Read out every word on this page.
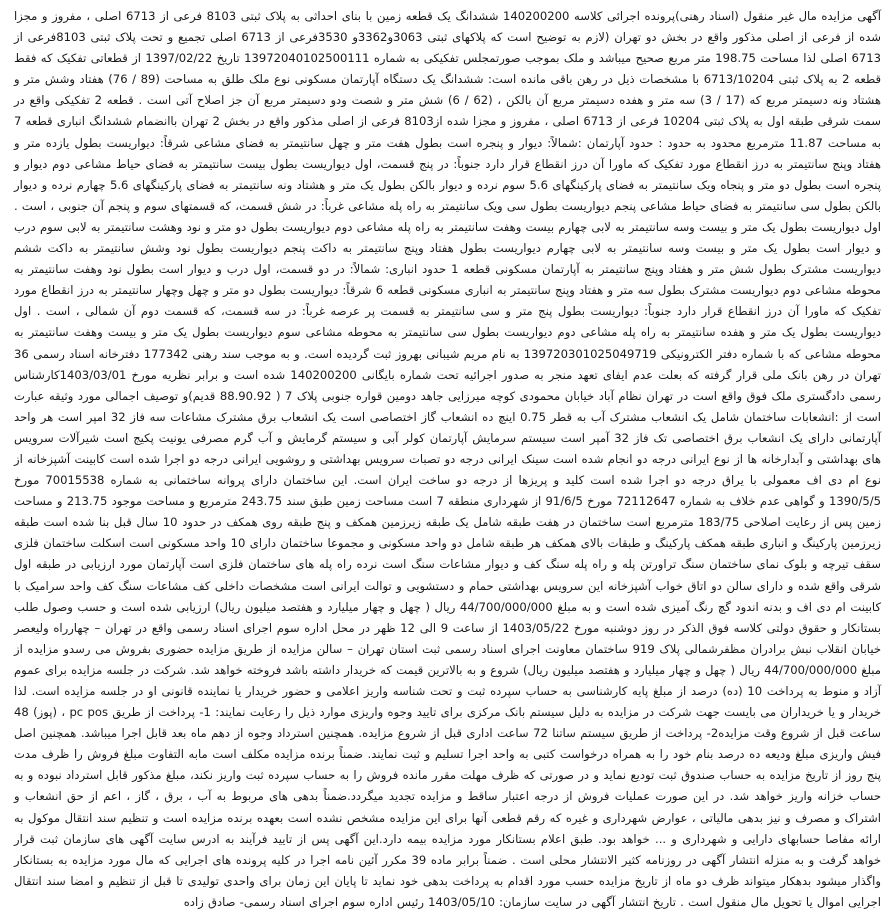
آگهی مزایده مال غیر منقول (اسناد رهنی)پرونده اجرائی کلاسه 140200200 ششدانگ یک قطعه زمین با بنای احداثی به پلاک ثبتی 8103 فرعی از 6713 اصلی ، مفروز و مجزا شده از فرعی از اصلی مذکور واقع در بخش دو تهران (لازم به توضیح است که پلاکهای ثبتی 3063و3362و 3530فرعی از 6713 اصلی تجمیع و تحت پلاک ثبتی 8103فرعی از 6713 اصلی لذا مساحت 198.75 متر مربع صحیح میباشد و ملک بموجب صورتمجلس تفکیکی به شماره 13972040102500111 تاریخ 1397/02/22 از قطعاتی تفکیک که فقط قطعه 2 به پلاک ثبتی 6713/10204 با مشخصات ذیل در رهن باقی مانده است: ششدانگ یک دستگاه آپارتمان مسکونی نوع ملک طلق به مساحت (89 / 76) هفتاد وشش متر و هشتاد ونه دسیمتر مربع که (17 / 3) سه متر و هفده دسیمتر مربع آن بالکن ، (62 / 6) شش متر و شصت ودو دسیمتر مربع آن جز اصلاح آتی است . قطعه 2 تفکیکی واقع در سمت شرقی طبقه اول به پلاک ثبتی 10204 فرعی از 6713 اصلی ، مفروز و مجزا شده از8103 فرعی از اصلی مذکور واقع در بخش 2 تهران باانضمام ششدانگ انباری قطعه 7 به مساحت 11.87 مترمربع محدود به حدود : حدود آپارتمان :شمالاً: دیوار و پنجره است بطول هفت متر و چهل سانتیمتر به فضای مشاعی شرقاً: دیواریست بطول یازده متر و هفتاد وپنج سانتیمتر به درز انقطاع مورد تفکیک که ماورا آن درز انقطاع قرار دارد جنوباً: در پنج قسمت، اول دیواریست بطول بیست سانتیمتر به فضای حیاط مشاعی دوم دیوار و پنجره است بطول دو متر و پنجاه ویک سانتیمتر به فضای پارکینگهای 5.6 سوم نرده و دیوار بالکن بطول یک متر و هشتاد ونه سانتیمتر به فضای پارکینگهای 5.6 چهارم نرده و دیوار بالکن بطول سی سانتیمتر به فضای حیاط مشاعی پنجم دیواریست بطول سی ویک سانتیمتر به راه پله مشاعی غرباً: در شش قسمت، که قسمتهای سوم و پنجم آن جنوبی ، است . اول دیواریست بطول یک متر و بیست وسه سانتیمتر به لابی چهارم بیست وهفت سانتیمتر به راه پله مشاعی دوم دیواریست بطول دو متر و نود وهشت سانتیمتر به لابی سوم درب و دیوار است بطول یک متر و بیست وسه سانتیمتر به لابی چهارم دیواریست بطول هفتاد وپنج سانتیمتر به داکت پنجم دیواریست بطول نود وشش سانتیمتر به داکت ششم دیواریست مشترک بطول شش متر و هفتاد وپنج سانتیمتر به آپارتمان مسکونی قطعه 1 حدود انباری: شمالاً: در دو قسمت، اول درب و دیوار است بطول نود وهفت سانتیمتر به محوطه مشاعی دوم دیواریست مشترک بطول سه متر و هفتاد وپنج سانتیمتر به انباری مسکونی قطعه 6 شرقاً: دیواریست بطول دو متر و چهل وچهار سانتیمتر به درز انقطاع مورد تفکیک که ماورا آن درز انقطاع قرار دارد جنوباً: دیواریست بطول پنج متر و سی سانتیمتر به قسمت پر عرصه غرباً: در سه قسمت، که قسمت دوم آن شمالی ، است . اول دیواریست بطول یک متر و هفده سانتیمتر به راه پله مشاعی دوم دیواریست بطول سی سانتیمتر به محوطه مشاعی سوم دیواریست بطول یک متر و بیست وهفت سانتیمتر به محوطه مشاعی که با شماره دفتر الکترونیکی 139720301025049719 به نام مریم شیبانی بهروز ثبت گردیده است. و به موجب سند رهنی 177342 دفترخانه اسناد رسمی 36 تهران در رهن بانک ملی قرار گرفته که بعلت عدم ایفای تعهد منجر به صدور اجرائیه تحت شماره بایگانی 140200200 شده است و برابر نظریه مورخ 1403/03/01کارشناس رسمی دادگستری ملک فوق واقع است در تهران نظام آباد خیابان محمودی کوچه میرزایی جاهد دومین قواره جنوبی پلاک 7 ( 88.90.92 قدیم)و توصیف اجمالی مورد وثیقه عبارت است از :انشعابات ساختمان شامل یک انشعاب مشترک آب به قطر 0.75 اینچ ده انشعاب گاز اختصاصی است یک انشعاب برق مشترک مشاعات سه فاز 32 امپر است هر واحد آپارتمانی دارای یک انشعاب برق اختصاصی تک فاز 32 آمپر است سیستم سرمایش آپارتمان کولر آبی و سیستم گرمایش و آب گرم مصرفی یونیت پکیج است شیرآلات سرویس های بهداشتی و آبدارخانه ها از نوع ایرانی درجه دو انجام شده است سینک ایرانی درجه دو تصبات سرویس بهداشتی و روشویی ایرانی درجه دو اجرا شده است کابینت آشپزخانه از نوع ام دی اف معمولی با یراق درجه دو اجرا شده است کلید و پریزها از درجه دو ساخت ایران است. این ساختمان دارای پروانه ساختمانی به شماره 70015538 مورخ 1390/5/5 و گواهی عدم خلاف به شماره 72112647 مورخ 91/6/5 از شهرداری منطقه 7 است مساحت زمین طبق سند 243.75 مترمربع و مساحت موجود 213.75 و مساحت زمین پس از رعایت اصلاحی 183/75 مترمربع است ساختمان در هفت طبقه شامل یک طبقه زیرزمین همکف و پنج طبقه روی همکف در حدود 10 سال قبل بنا شده است طبقه زیرزمین پارکینگ و انباری طبقه همکف پارکینگ و طبقات بالای همکف هر طبقه شامل دو واحد مسکونی و مجموعا ساختمان دارای 10 واحد مسکونی است اسکلت ساختمان فلزی سقف تیرچه و بلوک نمای ساختمان سنگ تراورتن پله و راه پله سنگ کف و دیوار مشاعات سنگ است نرده راه پله های ساختمان فلزی است آپارتمان مورد ارزیابی در طبقه اول شرقی واقع شده و دارای سالن دو اتاق خواب آشپزخانه این سرویس بهداشتی حمام و دستشویی و توالت ایرانی است مشخصات داخلی کف مشاعات سنگ کف واحد سرامیک با کابینت ام دی اف و بدنه اندود گچ رنگ آمیزی شده است و به مبلغ 44/700/000/000 ریال ( چهل و چهار میلیارد و هفتصد میلیون ریال) ارزیابی شده است و حسب وصول طلب بستانکار و حقوق دولتی کلاسه فوق الذکر در روز دوشنبه مورخ 1403/05/22 از ساعت 9 الی 12 ظهر در محل اداره سوم اجرای اسناد رسمی واقع در تهران – چهارراه ولیعصر خیابان انقلاب نبش برادران مظفرشمالی پلاک 919 ساختمان معاونت اجرای اسناد رسمی ثبت استان تهران – سالن مزایده از طریق مزایده حضوری بفروش می رسدو مزایده از مبلغ 44/700/000/000 ریال ( چهل و چهار میلیارد و هفتصد میلیون ریال) شروع و به بالاترین قیمت که خریدار داشته باشد فروخته خواهد شد. شرکت در جلسه مزایده برای عموم آزاد و منوط به پرداخت 10 (ده) درصد از مبلغ پایه کارشناسی به حساب سپرده ثبت و تحت شناسه واریز اعلامی و حضور خریدار یا نماینده قانونی او در جلسه مزایده است. لذا خریدار و یا خریداران می بایست جهت شرکت در مزایده به دلیل سیستم بانک مرکزی برای تایید وجوه واریزی موارد ذیل را رعایت نمایند: 1- پرداخت از طریق pc pos ، (پوز) 48 ساعت قبل از شروع وقت مزایده2- پرداخت از طریق سیستم ساتنا 72 ساعت اداری قبل از شروع مزایده. همچنین استرداد وجوه از دهم ماه بعد قابل اجرا میباشد. همچنین اصل فیش واریزی مبلغ ودیعه ده درصد بنام خود را به همراه درخواست کتبی به واحد اجرا تسلیم و ثبت نمایند. ضمناً برنده مزایده مکلف است مابه التفاوت مبلغ فروش را ظرف مدت پنج روز از تاریخ مزایده به حساب صندوق ثبت تودیع نماید و در صورتی که ظرف مهلت مقرر مانده فروش را به حساب سپرده ثبت واریز نکند، مبلغ مذکور قابل استرداد نبوده و به حساب خزانه واریز خواهد شد. در این صورت عملیات فروش از درجه اعتبار ساقط و مزایده تجدید میگردد.ضمناً بدهی های مربوط به آب ، برق ، گاز ، اعم از حق انشعاب و اشتراک و مصرف و نیز بدهی مالیاتی ، عوارض شهرداری و غیره که رقم قطعی آنها برای این مزایده مشخص نشده است بعهده برنده مزایده است و تنظیم سند انتقال موکول به ارائه مفاصا حسابهای دارایی و شهرداری و ... خواهد بود. طبق اعلام بستانکار مورد مزایده بیمه دارد.این آگهی پس از تایید فرآیند به ادرس سایت آگهی های سازمان ثبت قرار خواهد گرفت و به منزله انتشار آگهی در روزنامه کثیر الانتشار محلی است . ضمناً برابر ماده 39 مکرر آئین نامه اجرا در کلیه پرونده های اجرایی که مال مورد مزایده به بستانکار واگذار میشود بدهکار میتواند ظرف دو ماه از تاریخ مزایده حسب مورد اقدام به پرداخت بدهی خود نماید تا پایان این زمان برای واحدی تولیدی تا قبل از تنظیم و امضا سند انتقال اجرایی اموال یا تحویل مال منقول است . تاریخ انتشار آگهی در سایت سازمان: 1403/05/10 رئیس اداره سوم اجرای اسناد رسمی- صادق زاده
